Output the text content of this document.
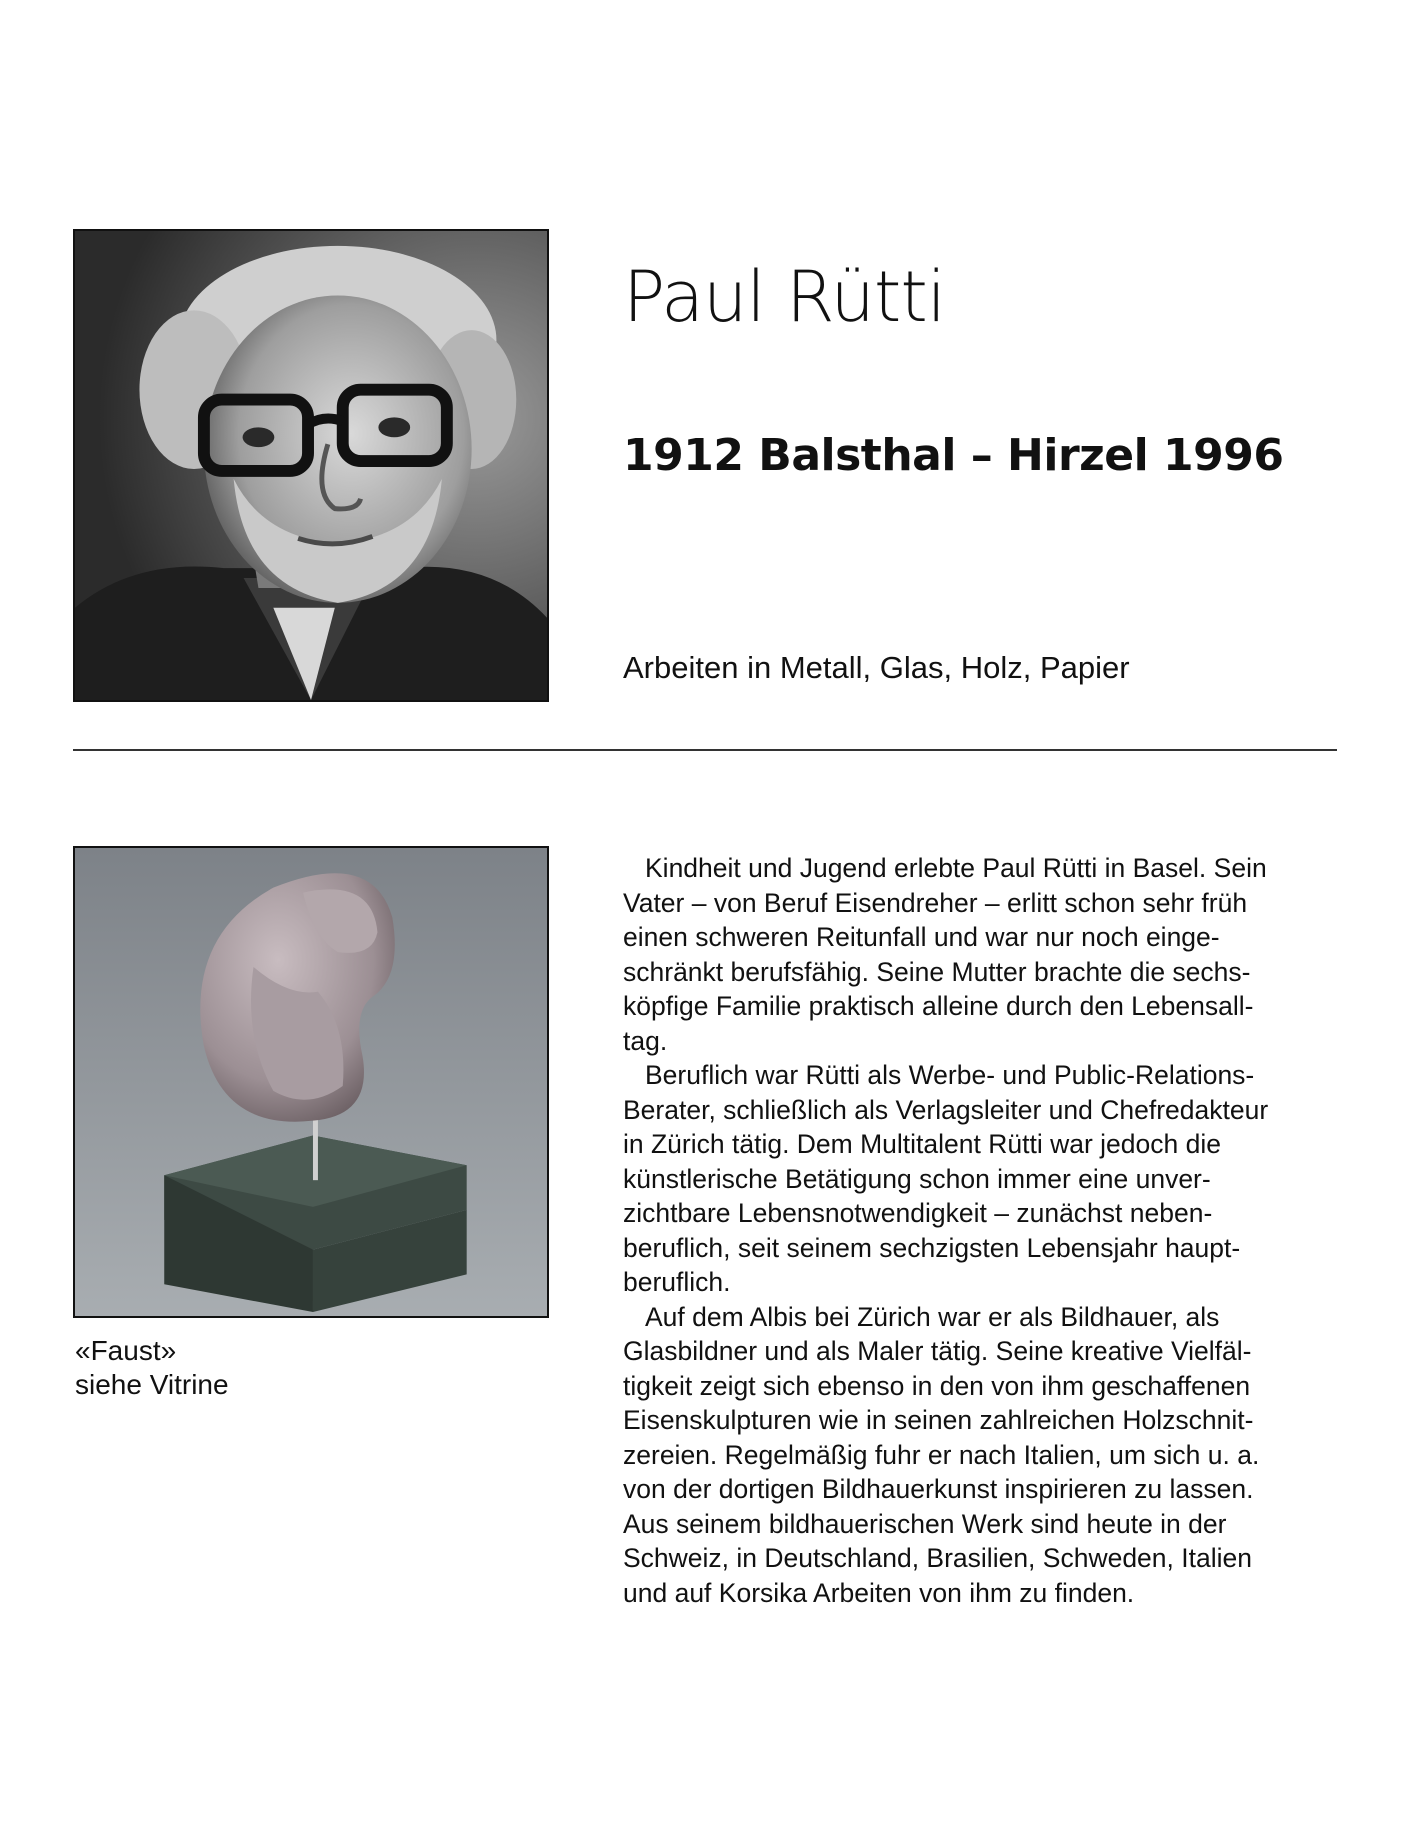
Paul Rütti
1912 Balsthal – Hirzel 1996

Arbeiten in Metall, Glas, Holz, Papier

«Faust»
siehe Vitrine
Kindheit und Jugend erlebte Paul Rütti in Basel. Sein
Vater – von Beruf Eisendreher – erlitt schon sehr früh
einen schweren Reitunfall und war nur noch einge-
schränkt berufsfähig. Seine Mutter brachte die sechs-
köpfige Familie praktisch alleine durch den Lebensall-
tag.
Beruflich war Rütti als Werbe- und Public-Relations-
Berater, schließlich als Verlagsleiter und Chefredakteur
in Zürich tätig. Dem Multitalent Rütti war jedoch die
künstlerische Betätigung schon immer eine unver-
zichtbare Lebensnotwendigkeit – zunächst neben-
beruflich, seit seinem sechzigsten Lebensjahr haupt-
beruflich.
Auf dem Albis bei Zürich war er als Bildhauer, als
Glasbildner und als Maler tätig. Seine kreative Vielfäl-
tigkeit zeigt sich ebenso in den von ihm geschaffenen
Eisenskulpturen wie in seinen zahlreichen Holzschnit-
zereien. Regelmäßig fuhr er nach Italien, um sich u. a.
von der dortigen Bildhauerkunst inspirieren zu lassen.
Aus seinem bildhauerischen Werk sind heute in der
Schweiz, in Deutschland, Brasilien, Schweden, Italien
und auf Korsika Arbeiten von ihm zu finden.
